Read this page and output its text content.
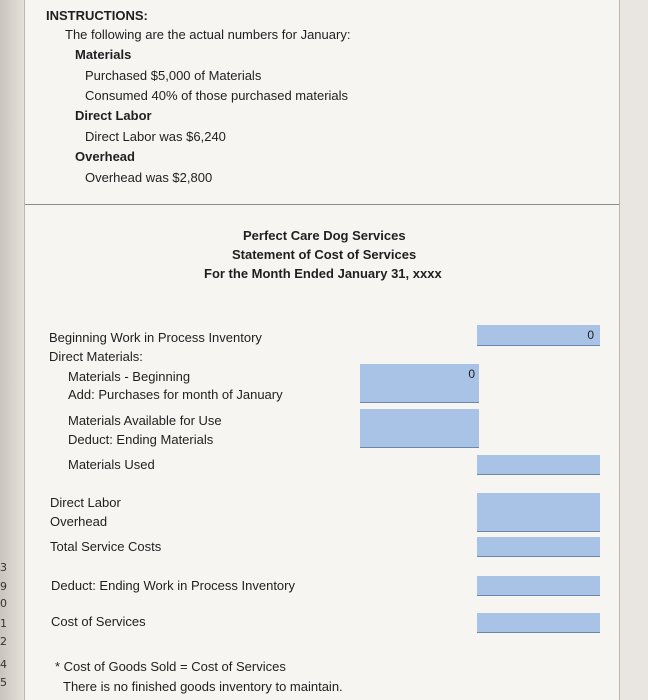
3
9
0
1
2
4
5
INSTRUCTIONS:
The following are the actual numbers for January:
Materials
Purchased $5,000 of Materials
Consumed 40% of those purchased materials
Direct Labor
Direct Labor was $6,240
Overhead
Overhead was $2,800
Perfect Care Dog Services
Statement of Cost of Services
For the Month Ended January 31, xxxx
Beginning Work in Process Inventory
Direct Materials:
Materials - Beginning
Add: Purchases for month of January
Materials Available for Use
Deduct: Ending Materials
Materials Used
Direct Labor
Overhead
Total Service Costs
Deduct: Ending Work in Process Inventory
Cost of Services
0
0
* Cost of Goods Sold = Cost of Services
There is no finished goods inventory to maintain.
